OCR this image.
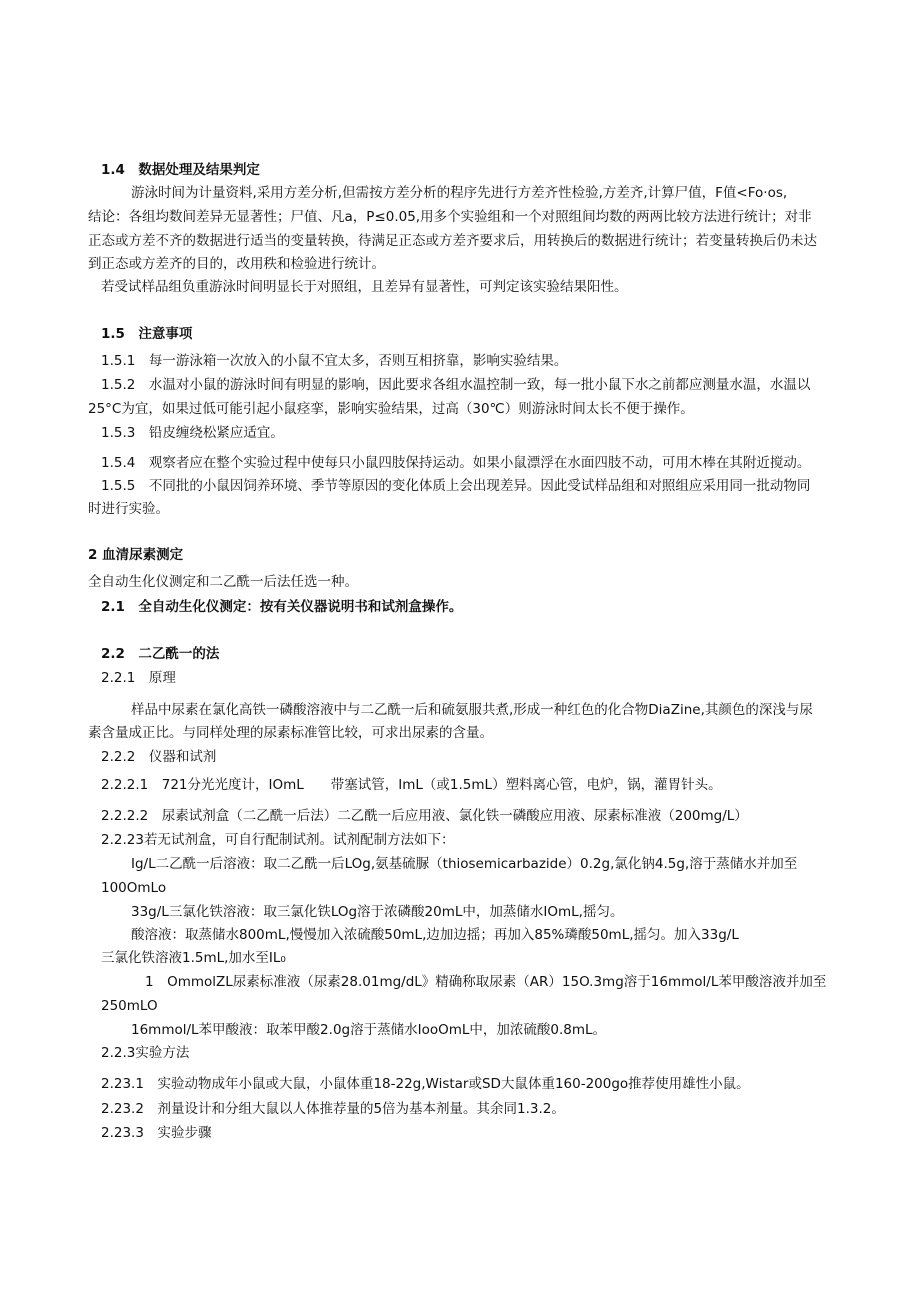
1.4　数据处理及结果判定
游泳时间为计量资料,采用方差分析,但需按方差分析的程序先进行方差齐性检验,方差齐,计算尸值，F值<Fo·os,
结论：各组均数间差异无显著性；尸值、凡a，P≤0.05,用多个实验组和一个对照组间均数的两两比较方法进行统计；对非
正态或方差不齐的数据进行适当的变量转换，待满足正态或方差齐要求后，用转换后的数据进行统计；若变量转换后仍未达
到正态或方差齐的目的，改用秩和检验进行统计。
若受试样品组负重游泳时间明显长于对照组，且差异有显著性，可判定该实验结果阳性。
1.5　注意事项
1.5.1　每一游泳箱一次放入的小鼠不宜太多，否则互相挤靠，影响实验结果。
1.5.2　水温对小鼠的游泳时间有明显的影响，因此要求各组水温控制一致，每一批小鼠下水之前都应测量水温，水温以
25°C为宜，如果过低可能引起小鼠痉挛，影响实验结果，过高（30℃）则游泳时间太长不便于操作。
1.5.3　铅皮缠绕松紧应适宜。
1.5.4　观察者应在整个实验过程中使每只小鼠四肢保持运动。如果小鼠漂浮在水面四肢不动，可用木棒在其附近搅动。
1.5.5　不同批的小鼠因饲养环境、季节等原因的变化体质上会出现差异。因此受试样品组和对照组应采用同一批动物同
时进行实验。
2 血清尿素测定
全自动生化仪测定和二乙酰一后法任选一种。
2.1　全自动生化仪测定：按有关仪器说明书和试剂盒操作。
2.2　二乙酰一的法
2.2.1　原理
样品中尿素在氯化高铁一磷酸溶液中与二乙酰一后和硫氨服共煮,形成一种红色的化合物DiaZine,其颜色的深浅与尿
素含量成正比。与同样处理的尿素标准管比较，可求出尿素的含量。
2.2.2　仪器和试剂
2.2.2.1　721分光光度计，IOmL　　带塞试管，ImL（或1.5mL）塑料离心管，电炉，锅，灌胃针头。
2.2.2.2　尿素试剂盒（二乙酰一后法）二乙酰一后应用液、氯化铁一磷酸应用液、尿素标准液（200mg/L）
2.2.23若无试剂盒，可自行配制试剂。试剂配制方法如下：
Ig/L二乙酰一后溶液：取二乙酰一后LOg,氨基硫脲（thiosemicarbazide）0.2g,氯化钠4.5g,溶于蒸储水并加至
100OmLo
33g/L三氯化铁溶液：取三氯化铁LOg溶于浓磷酸20mL中，加蒸储水IOmL,摇匀。
酸溶液：取蒸储水800mL,慢慢加入浓硫酸50mL,边加边摇；再加入85%璘酸50mL,摇匀。加入33g/L
三氯化铁溶液1.5mL,加水至IL₀
1　OmmolZL尿素标准液（尿素28.01mg/dL》精确称取尿素（AR）15O.3mg溶于16mmol/L苯甲酸溶液并加至
250mLO
16mmol/L苯甲酸液：取苯甲酸2.0g溶于蒸储水IooOmL中，加浓硫酸0.8mL。
2.2.3实验方法
2.23.1　实验动物成年小鼠或大鼠，小鼠体重18-22g,Wistar或SD大鼠体重160-200go推荐使用雄性小鼠。
2.23.2　剂量设计和分组大鼠以人体推荐量的5倍为基本剂量。其余同1.3.2。
2.23.3　实验步骤
